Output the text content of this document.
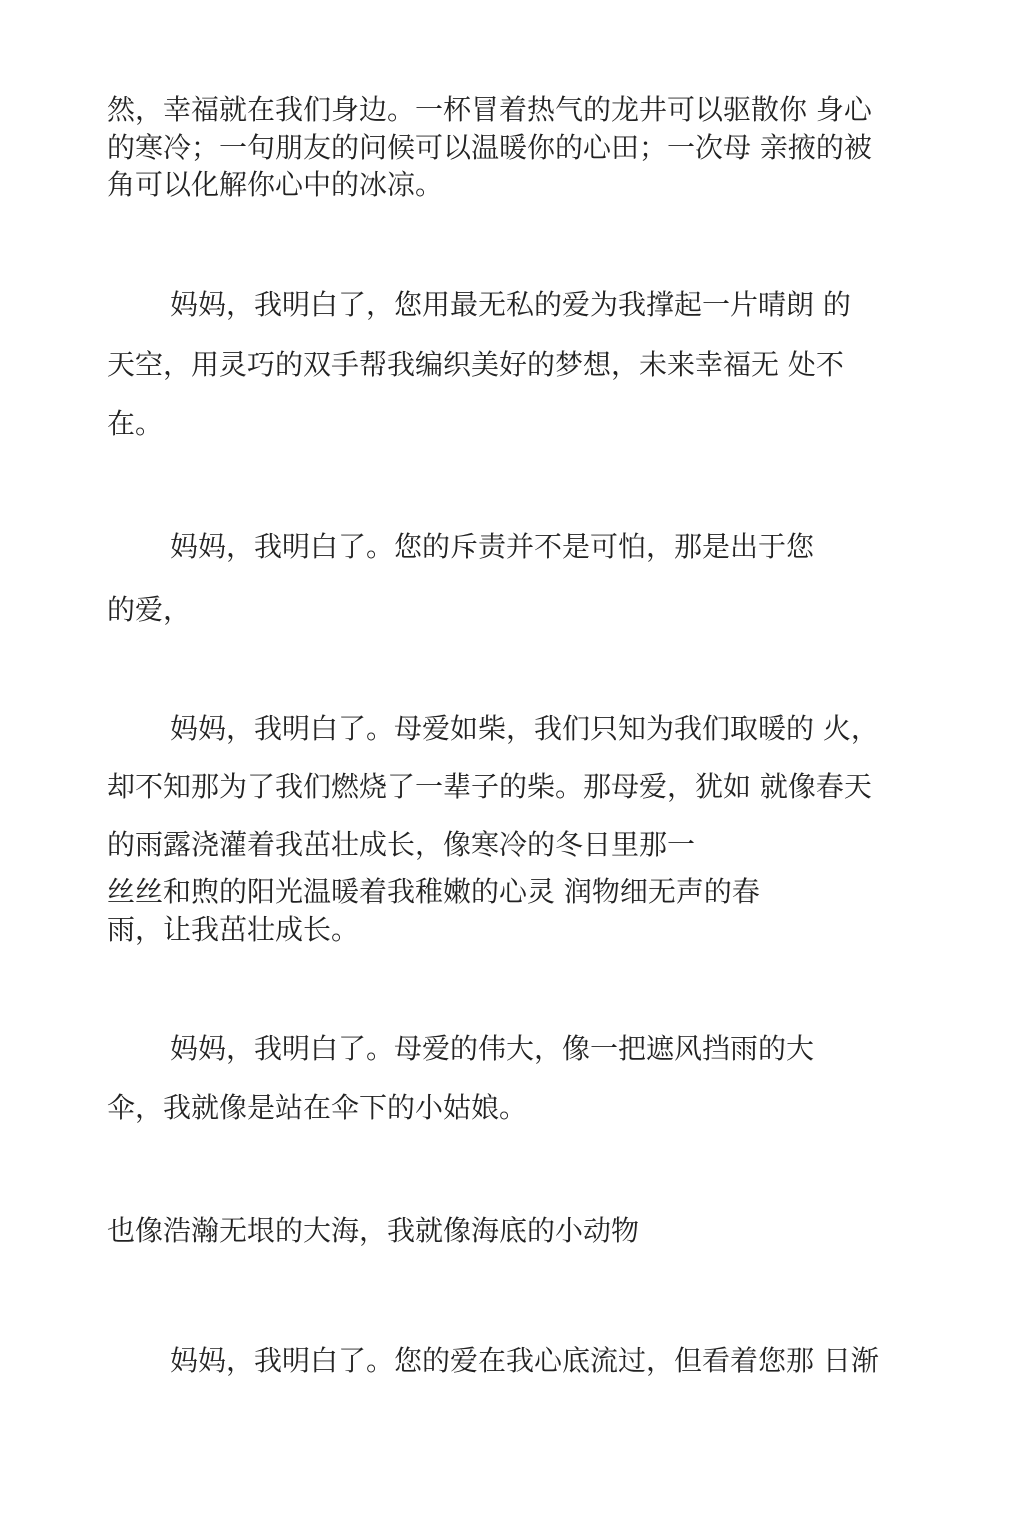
然，幸福就在我们身边。一杯冒着热气的龙井可以驱散你 身心
的寒冷；一句朋友的问候可以温暖你的心田；一次母 亲掖的被
角可以化解你心中的冰凉。
妈妈，我明白了，您用最无私的爱为我撑起一片晴朗 的
天空，用灵巧的双手帮我编织美好的梦想，未来幸福无 处不
在。
妈妈，我明白了。您的斥责并不是可怕，那是出于您
的爱，
妈妈，我明白了。母爱如柴，我们只知为我们取暖的 火，
却不知那为了我们燃烧了一辈子的柴。那母爱，犹如 就像春天
的雨露浇灌着我茁壮成长，像寒冷的冬日里那一
丝丝和煦的阳光温暖着我稚嫩的心灵 润物细无声的春
雨，让我茁壮成长。
妈妈，我明白了。母爱的伟大，像一把遮风挡雨的大
伞，我就像是站在伞下的小姑娘。
也像浩瀚无垠的大海，我就像海底的小动物
妈妈，我明白了。您的爱在我心底流过，但看着您那 日渐
